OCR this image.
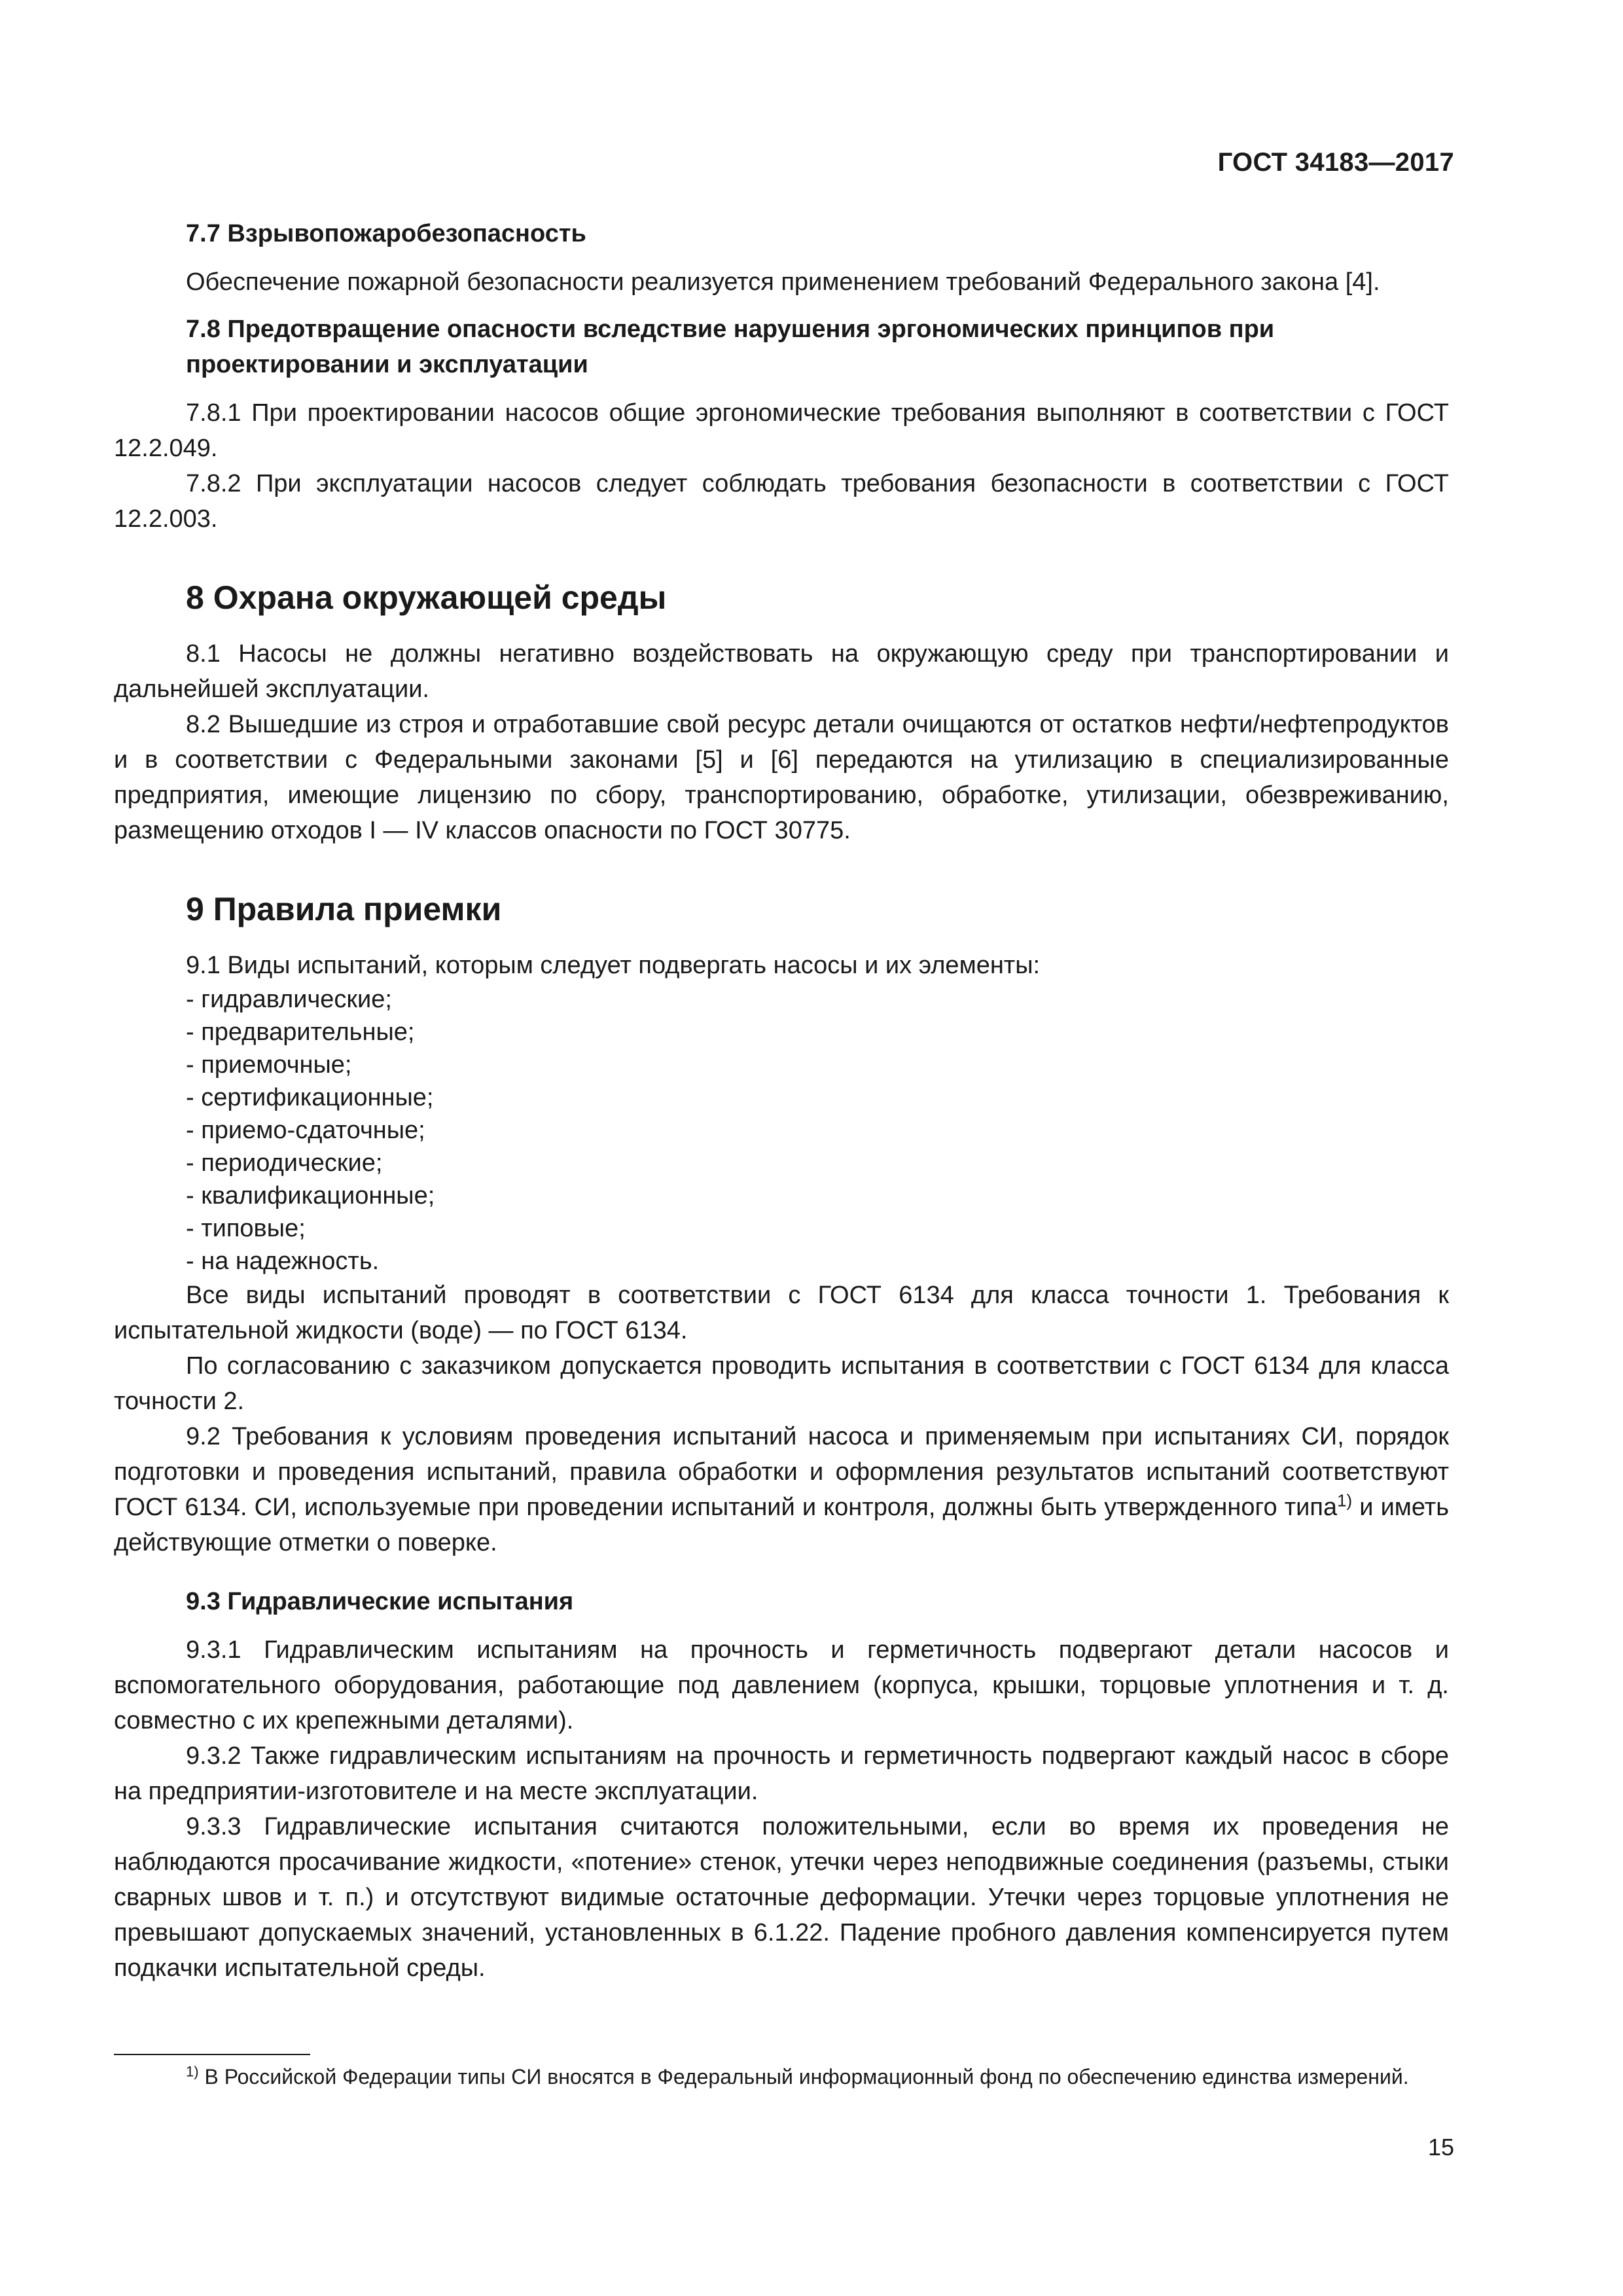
ГОСТ 34183—2017
7.7 Взрывопожаробезопасность

Обеспечение пожарной безопасности реализуется применением требований Федерального закона [4].

7.8 Предотвращение опасности вследствие нарушения эргономических принципов при проектировании и эксплуатации

7.8.1 При проектировании насосов общие эргономические требования выполняют в соответствии с ГОСТ 12.2.049.

7.8.2 При эксплуатации насосов следует соблюдать требования безопасности в соответствии с ГОСТ 12.2.003.

8 Охрана окружающей среды

8.1 Насосы не должны негативно воздействовать на окружающую среду при транспортировании и дальнейшей эксплуатации.

8.2 Вышедшие из строя и отработавшие свой ресурс детали очищаются от остатков нефти/нефтепродуктов и в соответствии с Федеральными законами [5] и [6] передаются на утилизацию в специализированные предприятия, имеющие лицензию по сбору, транспортированию, обработке, утилизации, обезвреживанию, размещению отходов I — IV классов опасности по ГОСТ 30775.

9 Правила приемки

9.1 Виды испытаний, которым следует подвергать насосы и их элементы:

- гидравлические;
- предварительные;
- приемочные;
- сертификационные;
- приемо-сдаточные;
- периодические;
- квалификационные;
- типовые;
- на надежность.

Все виды испытаний проводят в соответствии с ГОСТ 6134 для класса точности 1. Требования к испытательной жидкости (воде) — по ГОСТ 6134.

По согласованию с заказчиком допускается проводить испытания в соответствии с ГОСТ 6134 для класса точности 2.

9.2 Требования к условиям проведения испытаний насоса и применяемым при испытаниях СИ, порядок подготовки и проведения испытаний, правила обработки и оформления результатов испытаний соответствуют ГОСТ 6134. СИ, используемые при проведении испытаний и контроля, должны быть утвержденного типа$^{1)}$ и иметь действующие отметки о поверке.

9.3 Гидравлические испытания

9.3.1 Гидравлическим испытаниям на прочность и герметичность подвергают детали насосов и вспомогательного оборудования, работающие под давлением (корпуса, крышки, торцовые уплотнения и т. д. совместно с их крепежными деталями).

9.3.2 Также гидравлическим испытаниям на прочность и герметичность подвергают каждый насос в сборе на предприятии-изготовителе и на месте эксплуатации.

9.3.3 Гидравлические испытания считаются положительными, если во время их проведения не наблюдаются просачивание жидкости, «потение» стенок, утечки через неподвижные соединения (разъемы, стыки сварных швов и т. п.) и отсутствуют видимые остаточные деформации. Утечки через торцовые уплотнения не превышают допускаемых значений, установленных в 6.1.22. Падение пробного давления компенсируется путем подкачки испытательной среды.

$^{1)}$ В Российской Федерации типы СИ вносятся в Федеральный информационный фонд по обеспечению единства измерений.

15
